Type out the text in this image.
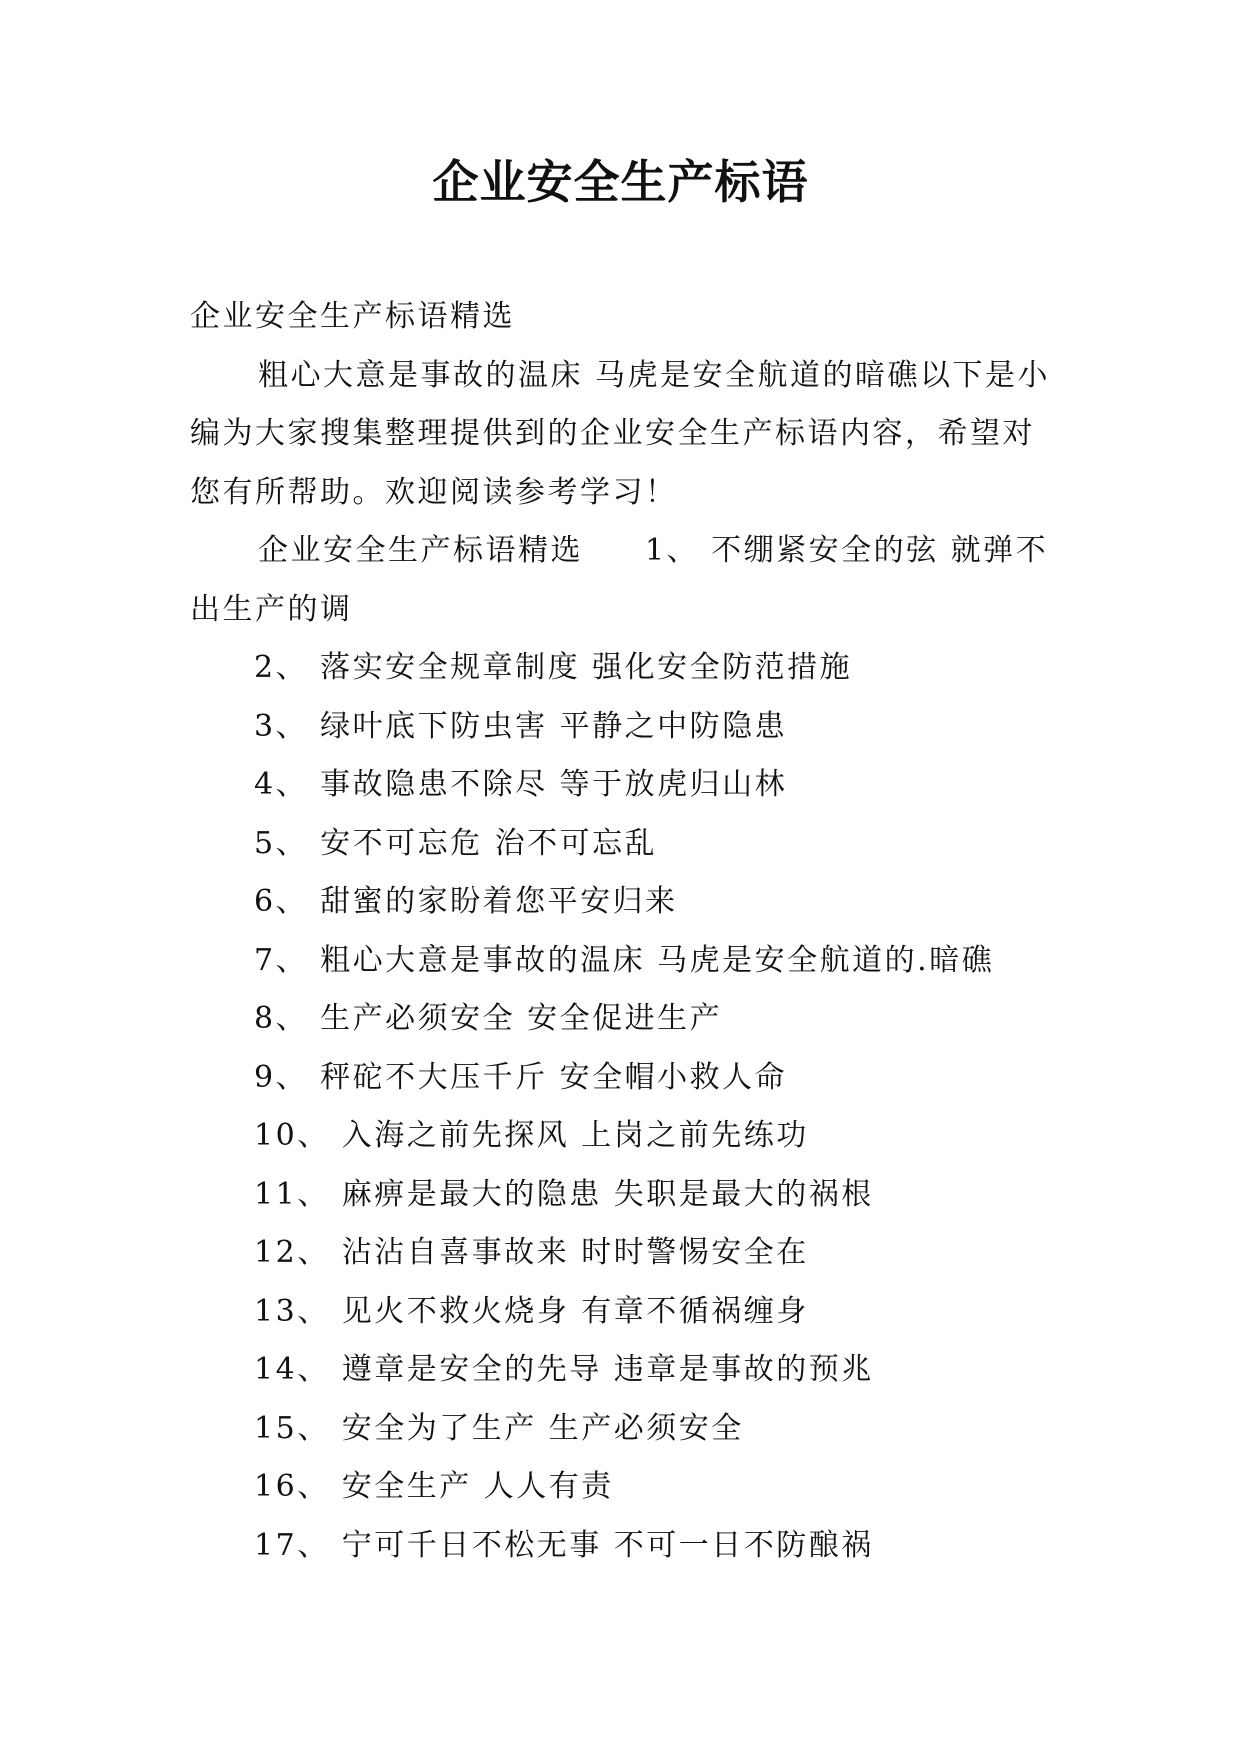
企业安全生产标语

企业安全生产标语精选

粗心大意是事故的温床 马虎是安全航道的暗礁以下是小编为大家搜集整理提供到的企业安全生产标语内容，希望对您有所帮助。欢迎阅读参考学习！

企业安全生产标语精选 1、 不绷紧安全的弦 就弹不出生产的调

2、 落实安全规章制度 强化安全防范措施

3、 绿叶底下防虫害 平静之中防隐患

4、 事故隐患不除尽 等于放虎归山林

5、 安不可忘危 治不可忘乱

6、 甜蜜的家盼着您平安归来

7、 粗心大意是事故的温床 马虎是安全航道的.暗礁

8、 生产必须安全 安全促进生产

9、 秤砣不大压千斤 安全帽小救人命

10、 入海之前先探风 上岗之前先练功

11、 麻痹是最大的隐患 失职是最大的祸根

12、 沾沾自喜事故来 时时警惕安全在

13、 见火不救火烧身 有章不循祸缠身

14、 遵章是安全的先导 违章是事故的预兆

15、 安全为了生产 生产必须安全

16、 安全生产 人人有责

17、 宁可千日不松无事 不可一日不防酿祸
